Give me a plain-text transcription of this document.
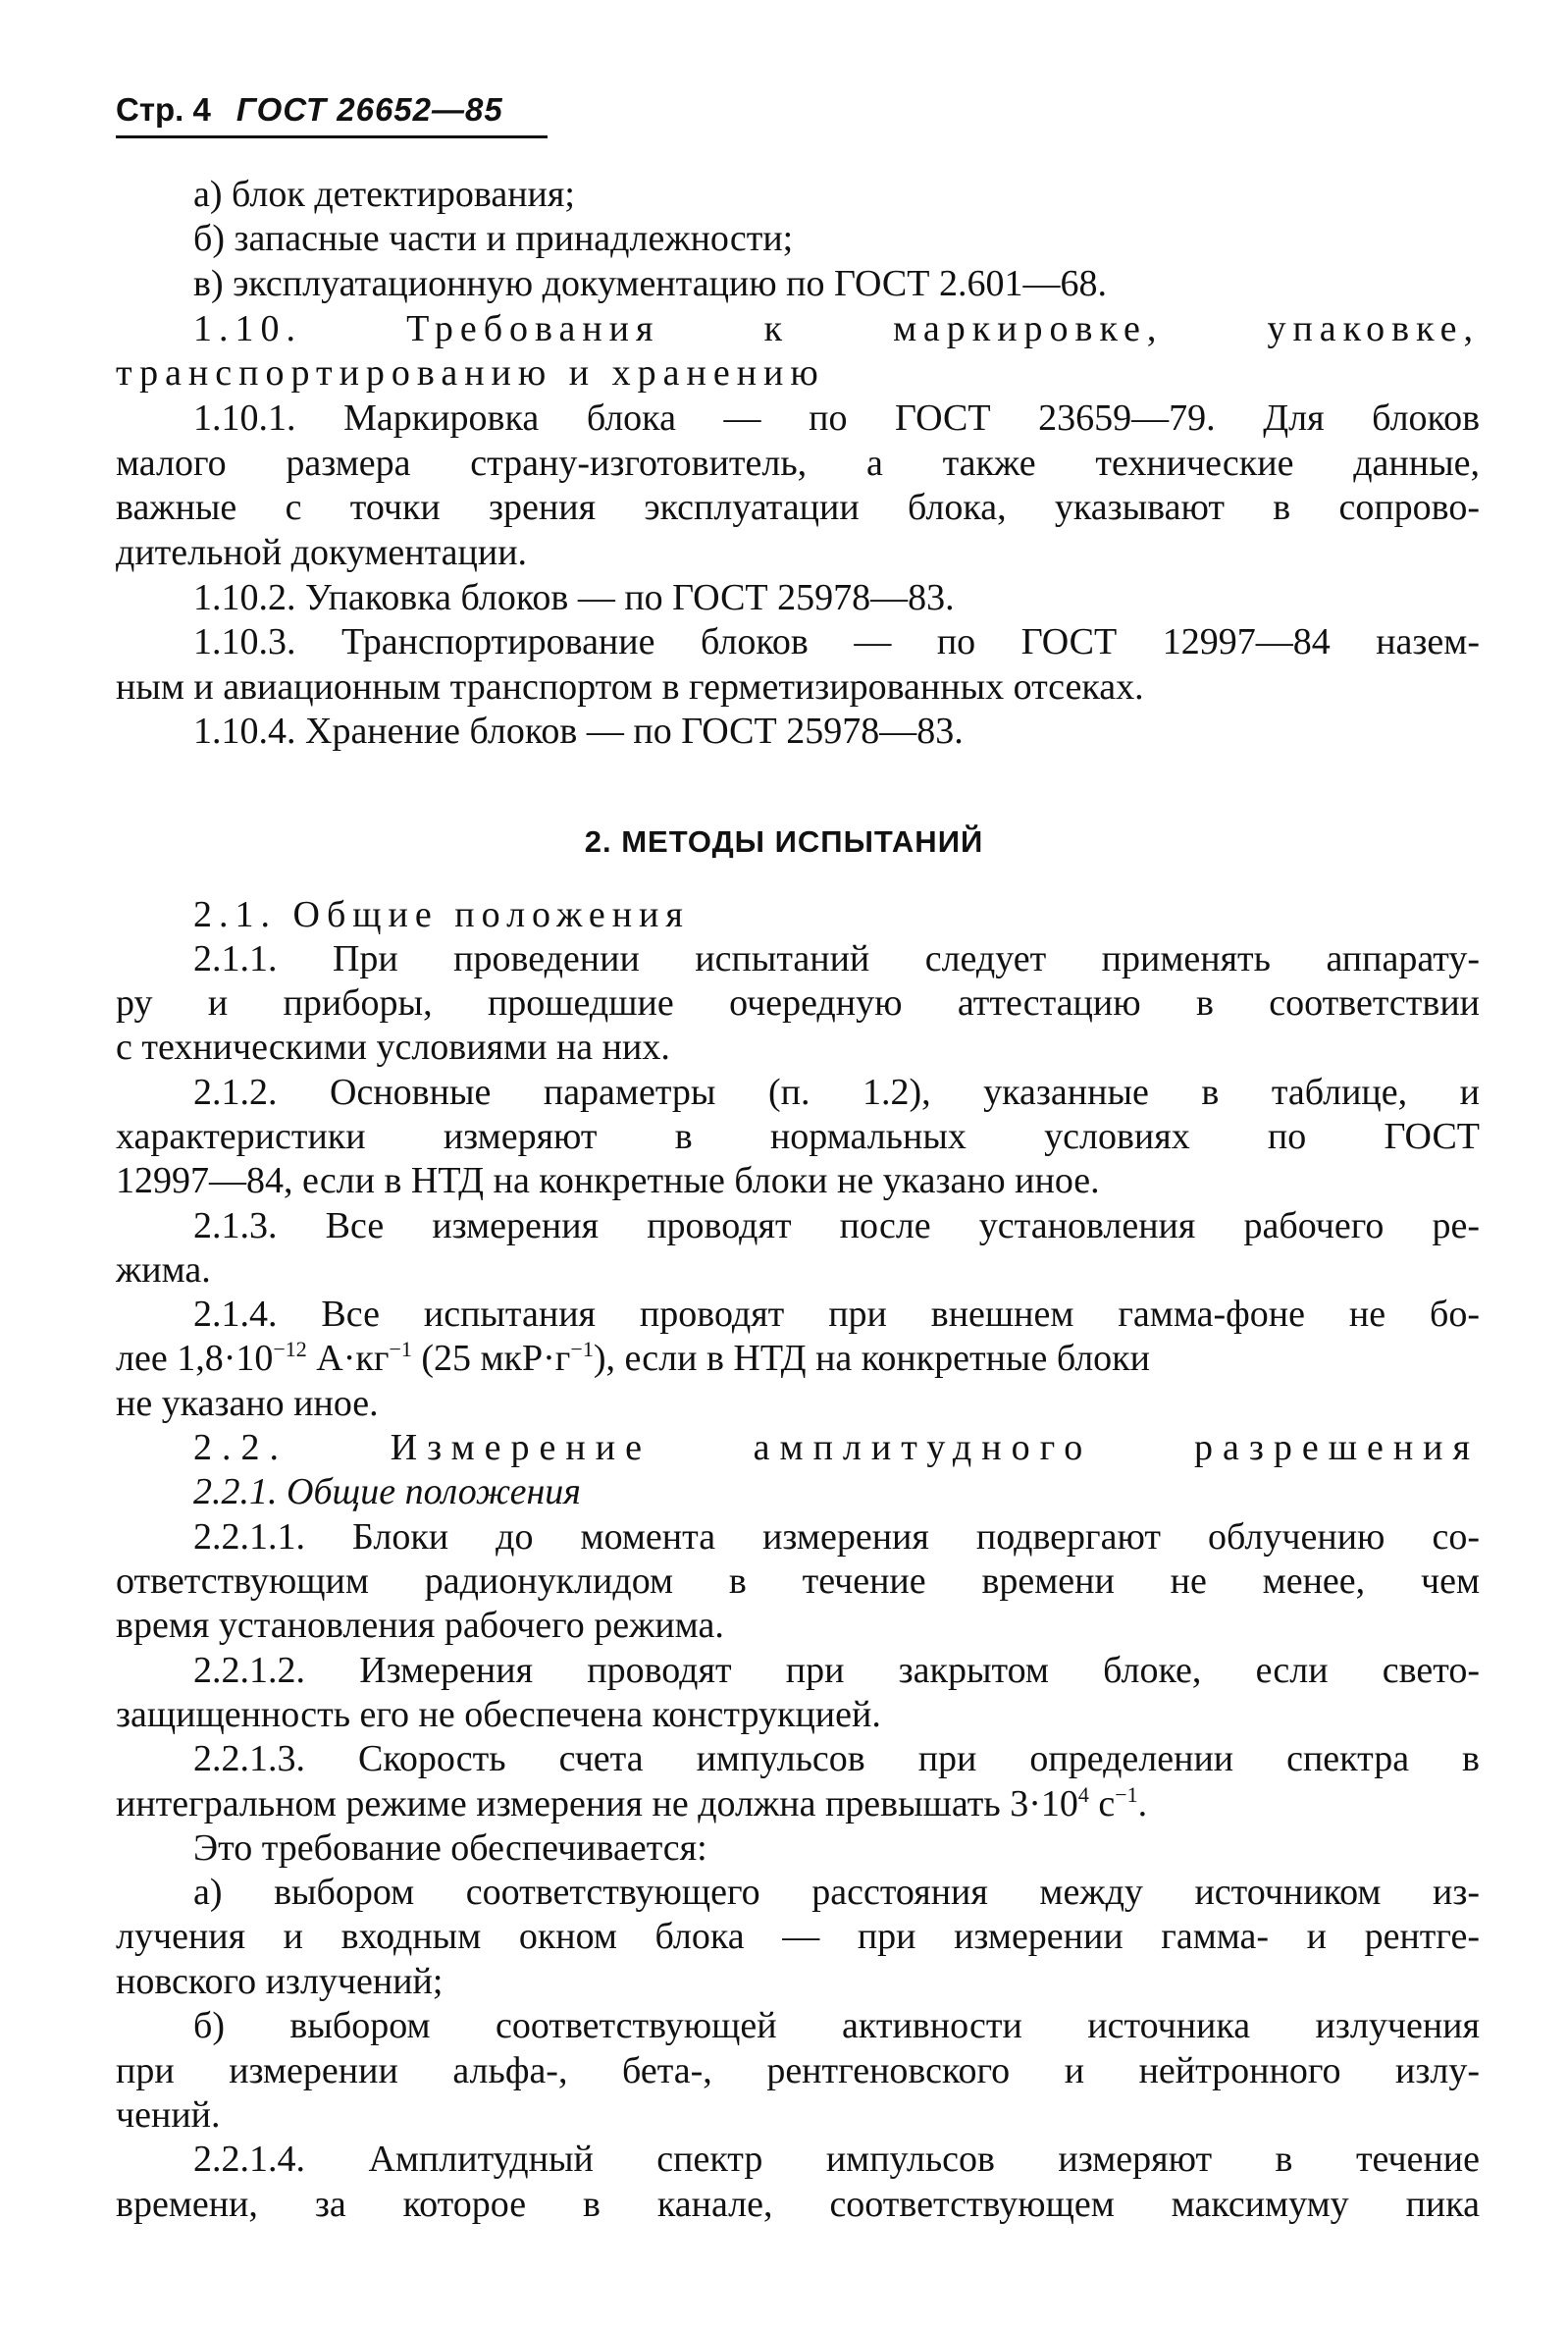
Стр. 4 ГОСТ 26652—85
а) блок детектирования;
б) запасные части и принадлежности;
в) эксплуатационную документацию по ГОСТ 2.601—68.
1.10.	Требования	к	маркировке,	упаковке,
транспортированию и хранению
1.10.1. Маркировка блока — по ГОСТ 23659—79. Для блоков
малого размера страну-изготовитель, а также технические данные,
важные с точки зрения эксплуатации блока, указывают в сопрово-
дительной документации.
1.10.2. Упаковка блоков — по ГОСТ 25978—83.
1.10.3. Транспортирование блоков — по ГОСТ 12997—84 назем-
ным и авиационным транспортом в герметизированных отсеках.
1.10.4. Хранение блоков — по ГОСТ 25978—83.
2. МЕТОДЫ ИСПЫТАНИЙ
2.1. Общие положения
2.1.1. При проведении испытаний следует применять аппарату-
ру и приборы, прошедшие очередную аттестацию в соответствии
с техническими условиями на них.
2.1.2. Основные параметры (п. 1.2), указанные в таблице, и
характеристики измеряют в нормальных условиях по ГОСТ
12997—84, если в НТД на конкретные блоки не указано иное.
2.1.3. Все измерения проводят после установления рабочего ре-
жима.
2.1.4. Все испытания проводят при внешнем гамма-фоне не бо-
лее $1,8\cdot 10^{-12}$ $А\cdot кг^{-1}$ (25 $мкР\cdot г^{-1}$), если в НТД на конкретные блоки
не указано иное.
2.2.	Измерение	амплитудного	разрешения
2.2.1. Общие положения
2.2.1.1. Блоки до момента измерения подвергают облучению со-
ответствующим радионуклидом в течение времени не менее, чем
время установления рабочего режима.
2.2.1.2. Измерения проводят при закрытом блоке, если свето-
защищенность его не обеспечена конструкцией.
2.2.1.3. Скорость счета импульсов при определении спектра в
интегральном режиме измерения не должна превышать $3\cdot 10^4$ $с^{-1}$.
Это требование обеспечивается:
а) выбором соответствующего расстояния между источником из-
лучения и входным окном блока — при измерении гамма- и рентге-
новского излучений;
б) выбором соответствующей активности источника излучения
при измерении альфа-, бета-, рентгеновского и нейтронного излу-
чений.
2.2.1.4. Амплитудный спектр импульсов измеряют в течение
времени, за которое в канале, соответствующем максимуму пика
